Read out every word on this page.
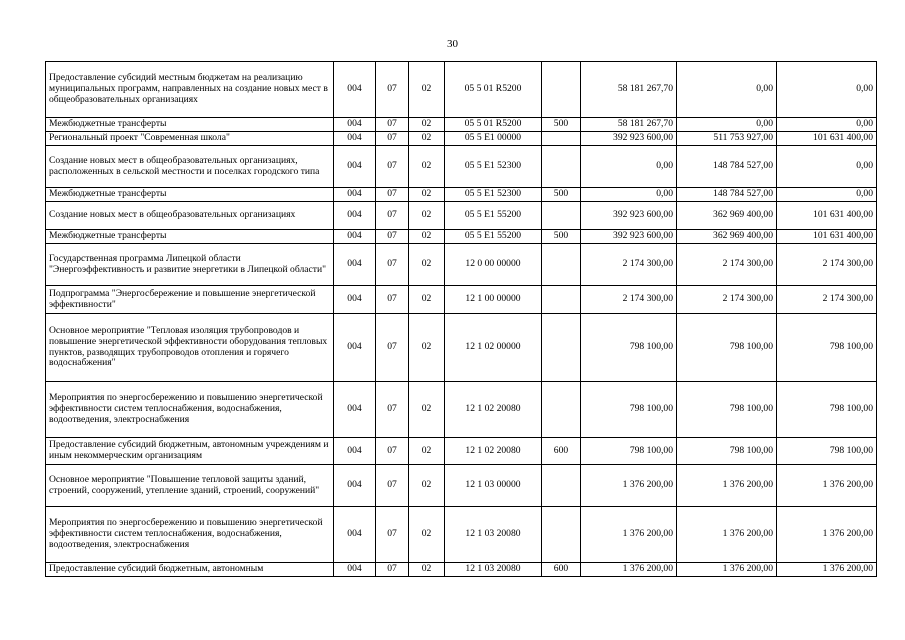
30
Предоставление субсидий местным бюджетам на реализацию муниципальных программ, направленных на создание новых мест в общеобразовательных организациях	004	07	02	05 5 01 R5200		58 181 267,70	0,00	0,00
Межбюджетные трансферты	004	07	02	05 5 01 R5200	500	58 181 267,70	0,00	0,00
Региональный проект "Современная школа"	004	07	02	05 5 E1 00000		392 923 600,00	511 753 927,00	101 631 400,00
Создание новых мест в общеобразовательных организациях, расположенных в сельской местности и поселках городского типа	004	07	02	05 5 E1 52300		0,00	148 784 527,00	0,00
Межбюджетные трансферты	004	07	02	05 5 E1 52300	500	0,00	148 784 527,00	0,00
Создание новых мест в общеобразовательных организациях	004	07	02	05 5 E1 55200		392 923 600,00	362 969 400,00	101 631 400,00
Межбюджетные трансферты	004	07	02	05 5 E1 55200	500	392 923 600,00	362 969 400,00	101 631 400,00
Государственная программа Липецкой области "Энергоэффективность и развитие энергетики в Липецкой области"	004	07	02	12 0 00 00000		2 174 300,00	2 174 300,00	2 174 300,00
Подпрограмма "Энергосбережение и повышение энергетической эффективности"	004	07	02	12 1 00 00000		2 174 300,00	2 174 300,00	2 174 300,00
Основное мероприятие "Тепловая изоляция трубопроводов и повышение энергетической эффективности оборудования тепловых пунктов, разводящих трубопроводов отопления и горячего водоснабжения"	004	07	02	12 1 02 00000		798 100,00	798 100,00	798 100,00
Мероприятия по энергосбережению и повышению энергетической эффективности систем теплоснабжения, водоснабжения, водоотведения, электроснабжения	004	07	02	12 1 02 20080		798 100,00	798 100,00	798 100,00
Предоставление субсидий бюджетным, автономным учреждениям и иным некоммерческим организациям	004	07	02	12 1 02 20080	600	798 100,00	798 100,00	798 100,00
Основное мероприятие "Повышение тепловой защиты зданий, строений, сооружений, утепление зданий, строений, сооружений"	004	07	02	12 1 03 00000		1 376 200,00	1 376 200,00	1 376 200,00
Мероприятия по энергосбережению и повышению энергетической эффективности систем теплоснабжения, водоснабжения, водоотведения, электроснабжения	004	07	02	12 1 03 20080		1 376 200,00	1 376 200,00	1 376 200,00
Предоставление субсидий бюджетным, автономным	004	07	02	12 1 03 20080	600	1 376 200,00	1 376 200,00	1 376 200,00
